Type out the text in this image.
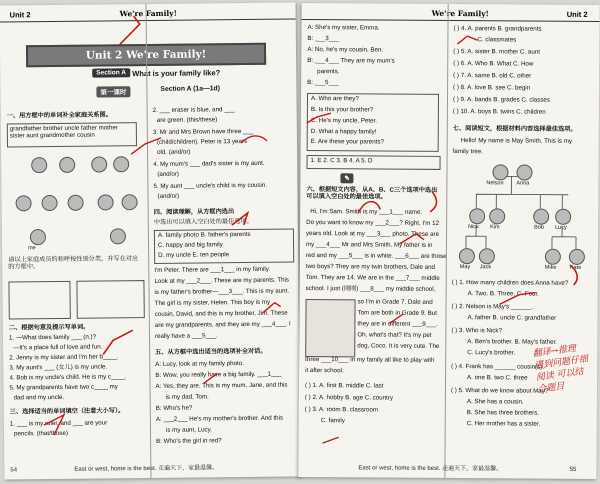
Unit 2	We're Family!
Unit 2 We're Family!
Section A What is your family like?
第一课时	Section A (1a—1d)
一、用方框中的单词补全家庭关系图。
grandfather brother uncle father mother sister aunt grandmother cousin
me
请以上家庭成员的称呼按性别分类，并写在对应的方框中。
二、根据句意及提示写单词。
1. —What does family ___ (n.)?
—It's a place full of love and fun.
2. Jenny is my sister and I'm her b____.
3. My aunt's ___ (女儿) is my uncle.
4. Bob is my uncle's child. He is my c____.
5. My grandparents have two c____ my
dad and my uncle.
三、选择适当的单词填空（注意大小写）。
1. ___ is my ruler, and ___ are your
pencils. (that/those)
2. ___ eraser is blue, and ___
are green. (this/these)
3. Mr and Mrs Brown have three ___
(child/children). Peter is 13 years
old. (and/or)
4. My mum's ___ dad's sister is my aunt.
(and/or)
5. My aunt ___ uncle's child is my cousin.
(and/or)
四、阅读理解，从方框内选出
中选出可以填入空白处的最佳选项。
A. family photo B. father's parents
C. happy and big family
D. my uncle E. ten people
I'm Peter. There are ___1___ in my family.
Look at my ___2___. These are my parents. This
is my father's brother—___3___. This is my aunt.
The girl is my sister, Helen. This boy is my
cousin, David, and this is my brother, Jim. These
are my grandparents, and they are my ___4___. I
really have a ___5___.
五、从方框中选出适当的选项补全对话。
A: Lucy, look at my family photo.
B: Wow, you really have a big family. ___1___
A: Yes, they are. This is my mum, Jane, and this
is my dad, Tom.
B: Who's he?
A: ___2___ He's my mother's brother. And this
is my aunt, Lucy.
B: Who's the girl in red?
54	East or west, home is the best. 走遍天下，家最温馨。
We're Family!	Unit 2
A: She's my sister, Emma.
B: ___3___
A: No, he's my cousin, Ben.
B: ___4___ They are my mum's
parents.
B: ___5___
A. Who are they?
B. Is this your brother?
C. He's my uncle, Peter.
D. What a happy family!
E. Are these your parents?
1. E 2. C 3. B 4. A 5. D
✎
六、根据短文内容，从A、B、C三个选项中选出可以填入空白处的最佳选项。
Hi, I'm Sam. Smith is my ___1___ name.
Do you want to know my ___2___? Right, I'm 12
years old. Look at my ___3___ photo. These are
my ___4___ Mr and Mrs Smith. My father is in
red and my ___5___ is in white. ___6___ are those
two boys? They are my twin brothers, Dale and
Tom. They are 14. We are in the ___7___ middle
school. I just (刚刚) ___8___ my middle school,
so I'm in Grade 7. Dale and
Tom are both in Grade 9. But
they are in different ___9___.
Oh, what's that? It's my pet
dog, Coco. It is very cute. The
three ___10___ in my family all like to play with
it after school.
( ) 1. A. first B. middle C. last
( ) 2. A. hobby B. age C. country
( ) 3. A. room B. classroom
C. family
( ) 4. A. parents B. grandparents
C. classmates
( ) 5. A. sister B. mother C. aunt
( ) 6. A. Who B. What C. How
( ) 7. A. same B. old C. other
( ) 8. A. love B. see C. begin
( ) 9. A. bands B. grades C. classes
( ) 10. A. boys B. twins C. children
七、阅读短文，根据材料内容选择最佳选项。
Hello! My name is May Smith. This is my
family tree.
Nelson Anna
Nick Kim	Bob Lucy
May Jack	Mike Kate
( ) 1. How many children does Anna have?
A. Two. B. Three. C. Four.
( ) 2. Nelson is May's ______.
A. father B. uncle C. grandfather
( ) 3. Who is Nick?
A. Ben's brother. B. May's father.
C. Lucy's brother.
( ) 4. Frank has ______ cousin(s).
A. one B. two C. three
( ) 5. What do we know about May?
A. She has a cousin.
B. She has three brothers.
C. Her mother has a sister.
翻译→推理 遇到问题仔细阅读 可以结合题目
East or west, home is the best. 走遍天下，家最温馨。	55
